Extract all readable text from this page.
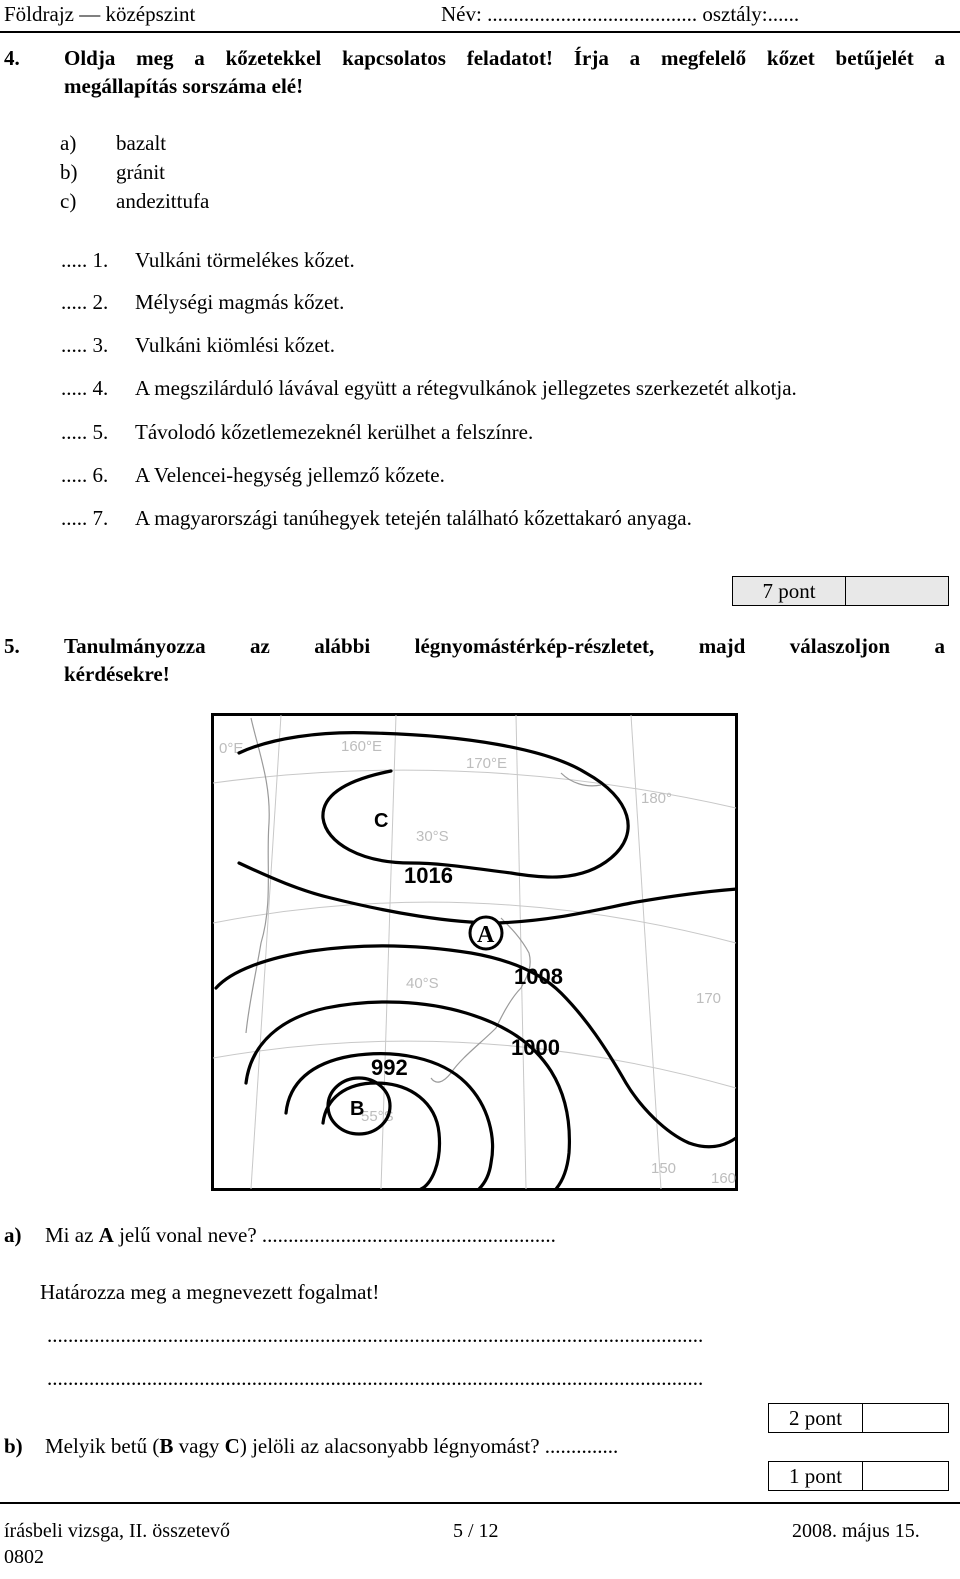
Földrajz — középszint	Név: ........................................ osztály:......
4. Oldja meg a kőzetekkel kapcsolatos feladatot! Írja a megfelelő kőzet betűjelét a
megállapítás sorszáma elé!
a) bazalt
b) gránit
c) andezittufa
..... 1. Vulkáni törmelékes kőzet.
..... 2. Mélységi magmás kőzet.
..... 3. Vulkáni kiömlési kőzet.
..... 4. A megszilárduló lávával együtt a rétegvulkánok jellegzetes szerkezetét alkotja.
..... 5. Távolodó kőzetlemezeknél kerülhet a felszínre.
..... 6. A Velencei-hegység jellemző kőzete.
..... 7. A magyarországi tanúhegyek tetején található kőzettakaró anyaga.
7 pont
5. Tanulmányozza az alábbi légnyomástérkép-részletet, majd válaszoljon a
kérdésekre!
160°E
170°E
180°
30°S
40°S
55°S
170
150
160
0°E
A
C
B
1016
1008
1000
992
a) Mi az A jelű vonal neve? ........................................................
Határozza meg a megnevezett fogalmat!
.............................................................................................................................
.............................................................................................................................
2 pont
b) Melyik betű (B vagy C) jelöli az alacsonyabb légnyomást? ..............
1 pont
írásbeli vizsga, II. összetevő
0802
5 / 12	2008. május 15.
